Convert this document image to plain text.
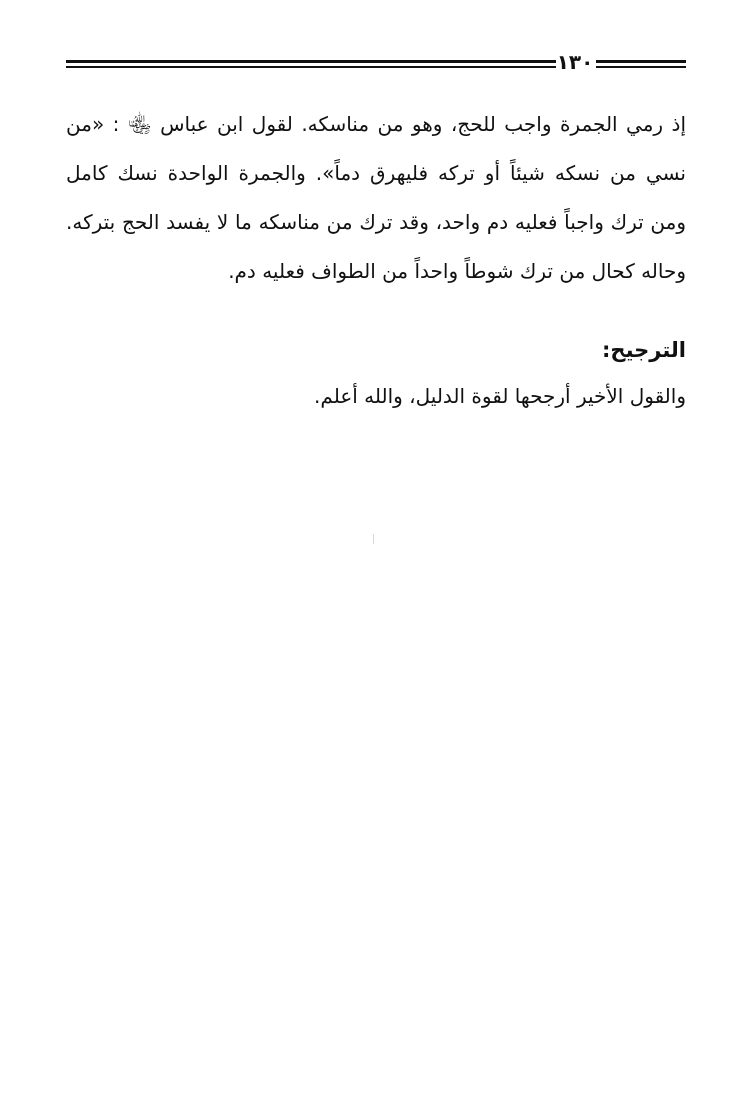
١٣٠

إذ رمي الجمرة واجب للحج، وهو من مناسكه. لقول ابن عباس ﵄ : «من نسي من نسكه شيئاً أو تركه فليهرق دماً». والجمرة الواحدة نسك كامل ومن ترك واجباً فعليه دم واحد، وقد ترك من مناسكه ما لا يفسد الحج بتركه. وحاله كحال من ترك شوطاً واحداً من الطواف فعليه دم.

الترجيح:

والقول الأخير أرجحها لقوة الدليل، والله أعلم.
